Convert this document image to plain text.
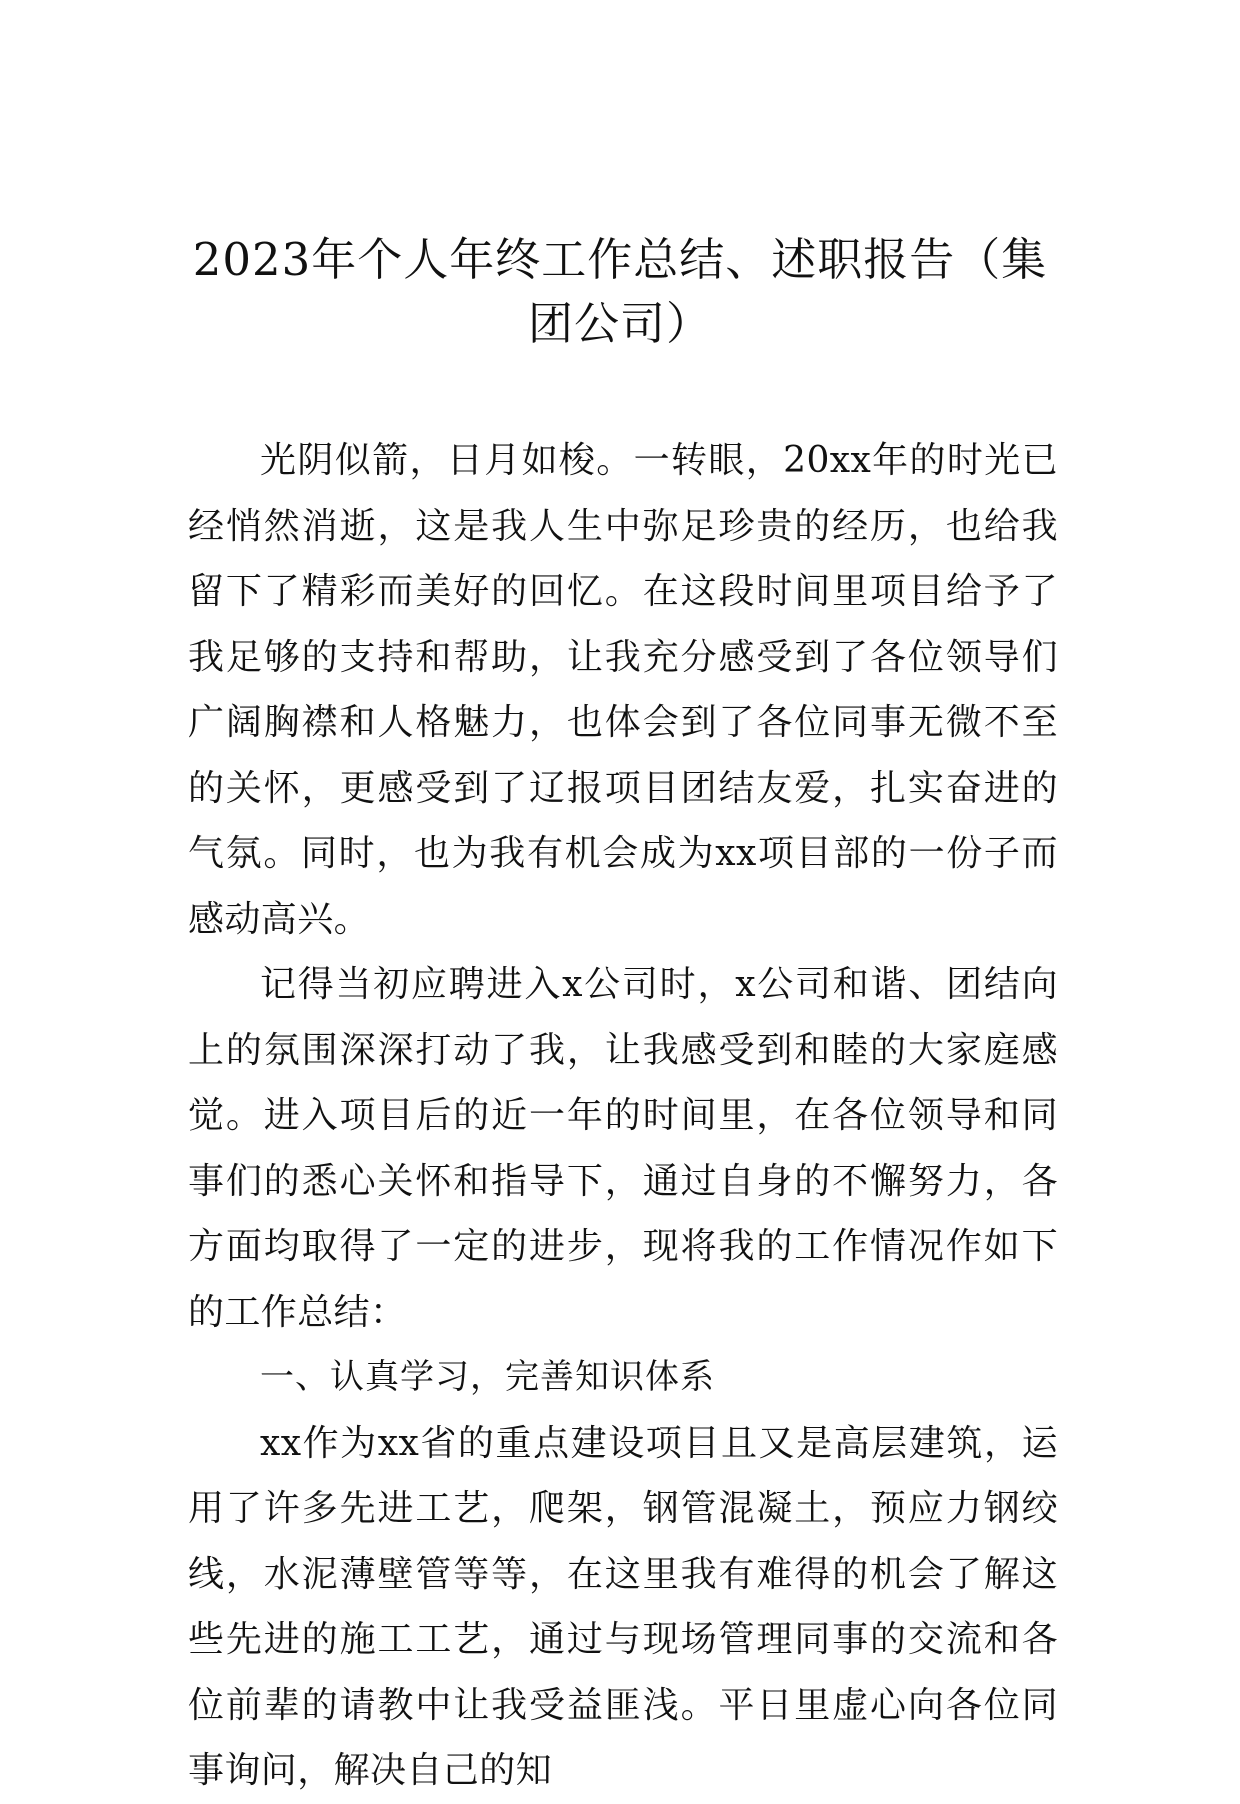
2023年个人年终工作总结、述职报告（集团公司）

光阴似箭，日月如梭。一转眼，20xx年的时光已经悄然消逝，这是我人生中弥足珍贵的经历，也给我留下了精彩而美好的回忆。在这段时间里项目给予了我足够的支持和帮助，让我充分感受到了各位领导们广阔胸襟和人格魅力，也体会到了各位同事无微不至的关怀，更感受到了辽报项目团结友爱，扎实奋进的气氛。同时，也为我有机会成为xx项目部的一份子而感动高兴。

记得当初应聘进入x公司时，x公司和谐、团结向上的氛围深深打动了我，让我感受到和睦的大家庭感觉。进入项目后的近一年的时间里，在各位领导和同事们的悉心关怀和指导下，通过自身的不懈努力，各方面均取得了一定的进步，现将我的工作情况作如下的工作总结：

一、认真学习，完善知识体系

xx作为xx省的重点建设项目且又是高层建筑，运用了许多先进工艺，爬架，钢管混凝土，预应力钢绞线，水泥薄壁管等等，在这里我有难得的机会了解这些先进的施工工艺，通过与现场管理同事的交流和各位前辈的请教中让我受益匪浅。平日里虚心向各位同事询问，解决自己的知
